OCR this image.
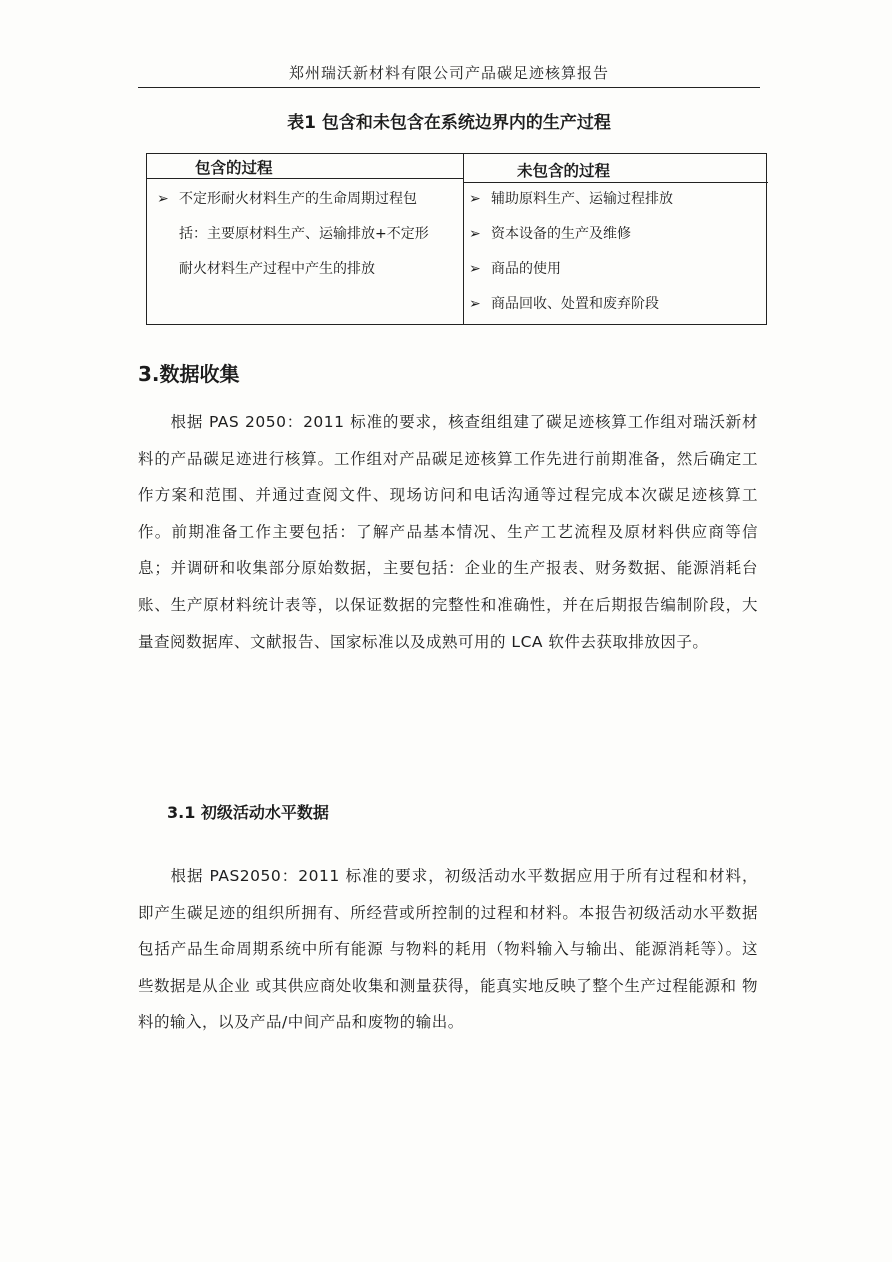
郑州瑞沃新材料有限公司产品碳足迹核算报告
表1 包含和未包含在系统边界内的生产过程
包含的过程	未包含的过程
➢ 不定形耐火材料生产的生命周期过程包
括：主要原材料生产、运输排放+不定形
耐火材料生产过程中产生的排放
➢ 辅助原料生产、运输过程排放
➢ 资本设备的生产及维修
➢ 商品的使用
➢ 商品回收、处置和废弃阶段
3.数据收集
根据 PAS 2050：2011 标准的要求，核查组组建了碳足迹核算工作组对瑞沃新材料的产品碳足迹进行核算。工作组对产品碳足迹核算工作先进行前期准备，然后确定工作方案和范围、并通过查阅文件、现场访问和电话沟通等过程完成本次碳足迹核算工作。前期准备工作主要包括：了解产品基本情况、生产工艺流程及原材料供应商等信息；并调研和收集部分原始数据，主要包括：企业的生产报表、财务数据、能源消耗台账、生产原材料统计表等，以保证数据的完整性和准确性，并在后期报告编制阶段，大量查阅数据库、文献报告、国家标准以及成熟可用的 LCA 软件去获取排放因子。
3.1 初级活动水平数据
根据 PAS2050：2011 标准的要求，初级活动水平数据应用于所有过程和材料，即产生碳足迹的组织所拥有、所经营或所控制的过程和材料。本报告初级活动水平数据包括产品生命周期系统中所有能源 与物料的耗用（物料输入与输出、能源消耗等）。这些数据是从企业 或其供应商处收集和测量获得，能真实地反映了整个生产过程能源和 物料的输入，以及产品/中间产品和废物的输出。
